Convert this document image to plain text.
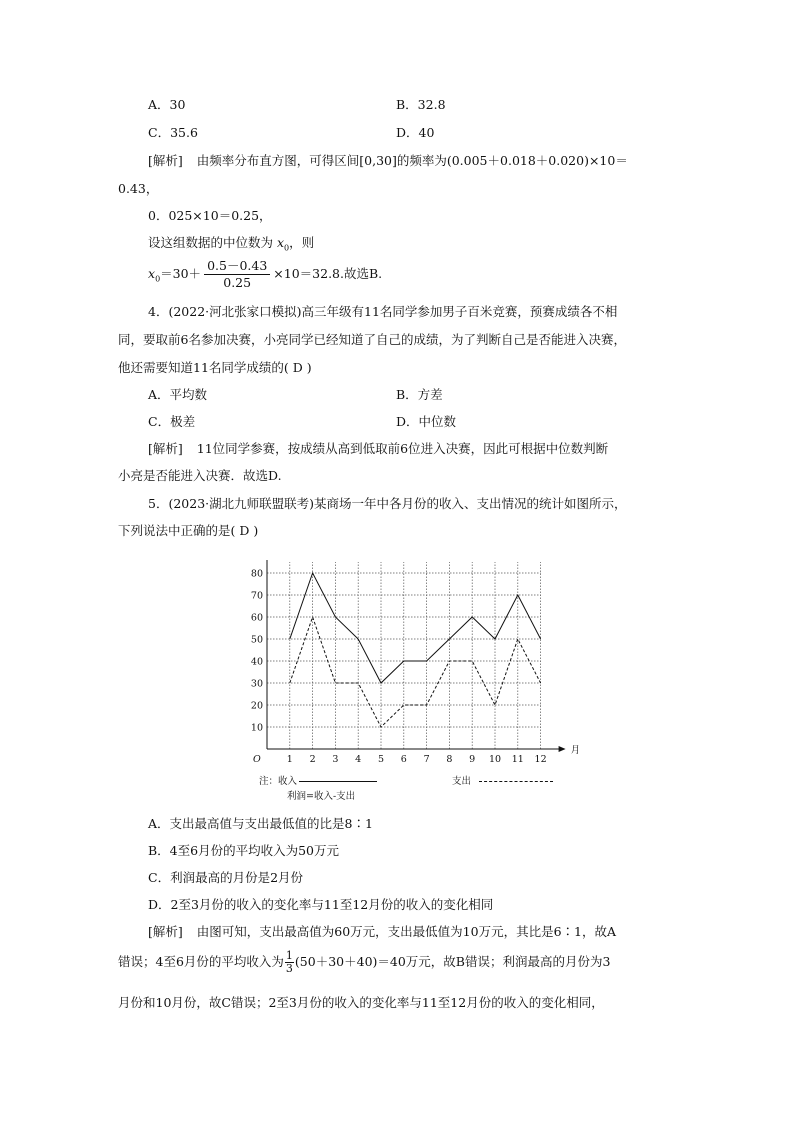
A．30	B．32.8
C．35.6	D．40
[解析] 由频率分布直方图，可得区间[0,30]的频率为(0.005＋0.018＋0.020)×10＝
0.43，
0．025×10＝0.25，
设这组数据的中位数为 $x_0$，则
$x_0=30+ \frac{0.5-0.43}{0.25} \times 10=32.8$.故选B.
4．(2022·河北张家口模拟)高三年级有11名同学参加男子百米竞赛，预赛成绩各不相
同，要取前6名参加决赛，小亮同学已经知道了自己的成绩，为了判断自己是否能进入决赛，
他还需要知道11名同学成绩的( D )
A．平均数	B．方差
C．极差	D．中位数
[解析] 11位同学参赛，按成绩从高到低取前6位进入决赛，因此可根据中位数判断
小亮是否能进入决赛．故选D.
5．(2023·湖北九师联盟联考)某商场一年中各月份的收入、支出情况的统计如图所示，
下列说法中正确的是( D )
1 2 3 4 5 6 7 8 9 10 11 12
10
20
30
40
50
60
70
80
O
月
注：收入
利润=收入-支出
支出
A．支出最高值与支出最低值的比是8∶1
B．4至6月份的平均收入为50万元
C．利润最高的月份是2月份
D．2至3月份的收入的变化率与11至12月份的收入的变化相同
[解析] 由图可知，支出最高值为60万元，支出最低值为10万元，其比是6∶1，故A
错误；4至6月份的平均收入为 $\frac{1}{3} (50+30+40)=40$万元，故B错误；利润最高的月份为3
月份和10月份，故C错误；2至3月份的收入的变化率与11至12月份的收入的变化相同，
